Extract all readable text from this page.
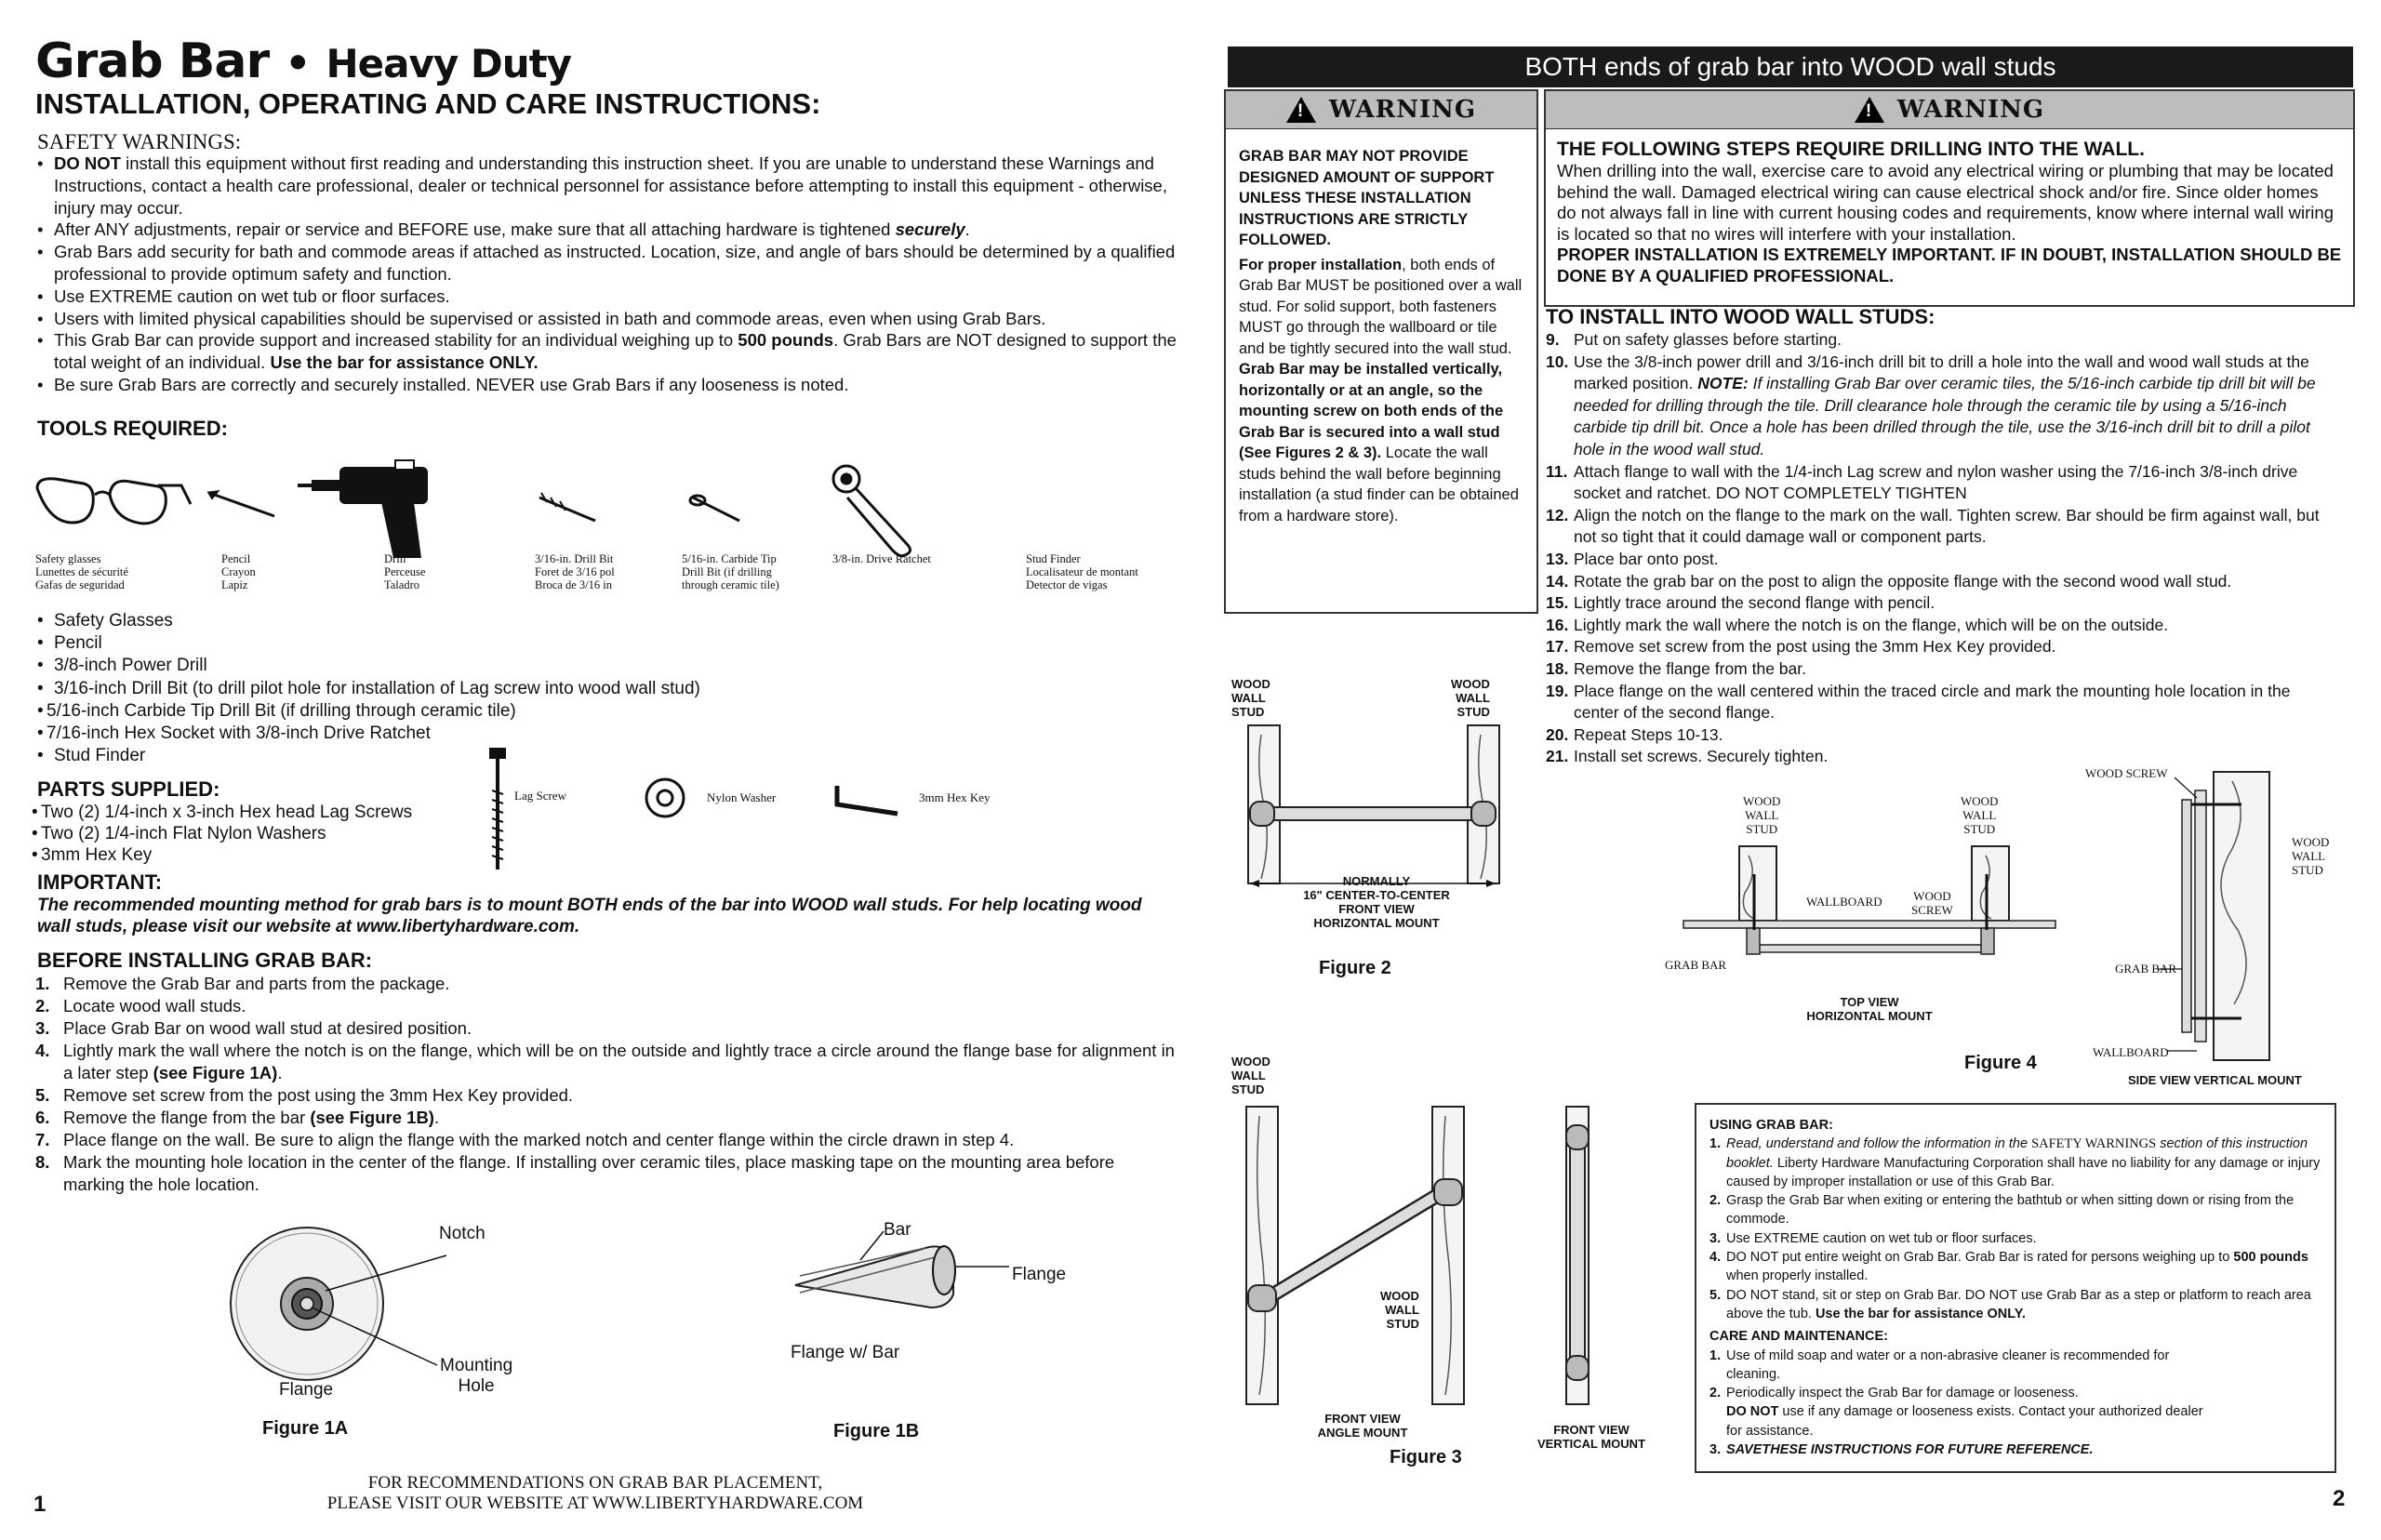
Grab Bar • Heavy Duty
INSTALLATION, OPERATING AND CARE INSTRUCTIONS:
SAFETY WARNINGS:
• DO NOT install this equipment without first reading and understanding this instruction sheet. If you are unable to understand these Warnings and Instructions, contact a health care professional, dealer or technical personnel for assistance before attempting to install this equipment - otherwise, injury may occur.
• After ANY adjustments, repair or service and BEFORE use, make sure that all attaching hardware is tightened securely.
• Grab Bars add security for bath and commode areas if attached as instructed. Location, size, and angle of bars should be determined by a qualified professional to provide optimum safety and function.
• Use EXTREME caution on wet tub or floor surfaces.
• Users with limited physical capabilities should be supervised or assisted in bath and commode areas, even when using Grab Bars.
• This Grab Bar can provide support and increased stability for an individual weighing up to 500 pounds. Grab Bars are NOT designed to support the total weight of an individual. Use the bar for assistance ONLY.
• Be sure Grab Bars are correctly and securely installed. NEVER use Grab Bars if any looseness is noted.
TOOLS REQUIRED:
Safety glasses
Lunettes de sécurité
Gafas de seguridad
Pencil
Crayon
Lapiz
Drill
Perceuse
Taladro
3/16-in. Drill Bit
Foret de 3/16 pol
Broca de 3/16 in
5/16-in. Carbide Tip
Drill Bit (if drilling
through ceramic tile)
3/8-in. Drive Ratchet	Stud Finder
Localisateur de montant
Detector de vigas
• Safety Glasses
• Pencil
• 3/8-inch Power Drill
• 3/16-inch Drill Bit (to drill pilot hole for installation of Lag screw into wood wall stud)
• 5/16-inch Carbide Tip Drill Bit (if drilling through ceramic tile)
• 7/16-inch Hex Socket with 3/8-inch Drive Ratchet
• Stud Finder
PARTS SUPPLIED:
• Two (2) 1/4-inch x 3-inch Hex head Lag Screws
• Two (2) 1/4-inch Flat Nylon Washers
• 3mm Hex Key
Lag Screw	Nylon Washer	3mm Hex Key
IMPORTANT:
The recommended mounting method for grab bars is to mount BOTH ends of the bar into WOOD wall studs. For help locating wood wall studs, please visit our website at www.libertyhardware.com.
BEFORE INSTALLING GRAB BAR:
1. Remove the Grab Bar and parts from the package.
2. Locate wood wall studs.
3. Place Grab Bar on wood wall stud at desired position.
4. Lightly mark the wall where the notch is on the flange, which will be on the outside and lightly trace a circle around the flange base for alignment in a later step (see Figure 1A).
5. Remove set screw from the post using the 3mm Hex Key provided.
6. Remove the flange from the bar (see Figure 1B).
7. Place flange on the wall. Be sure to align the flange with the marked notch and center flange within the circle drawn in step 4.
8. Mark the mounting hole location in the center of the flange. If installing over ceramic tiles, place masking tape on the mounting area before marking the hole location.
Notch
Mounting
Hole
Flange
Figure 1A
Bar
Flange
Flange w/ Bar
Figure 1B
1
FOR RECOMMENDATIONS ON GRAB BAR PLACEMENT,
PLEASE VISIT OUR WEBSITE AT WWW.LIBERTYHARDWARE.COM
BOTH ends of grab bar into WOOD wall studs
! WARNING
GRAB BAR MAY NOT PROVIDE DESIGNED AMOUNT OF SUPPORT UNLESS THESE INSTALLATION INSTRUCTIONS ARE STRICTLY FOLLOWED.
For proper installation, both ends of Grab Bar MUST be positioned over a wall stud. For solid support, both fasteners MUST go through the wallboard or tile and be tightly secured into the wall stud.
Grab Bar may be installed vertically, horizontally or at an angle, so the mounting screw on both ends of the Grab Bar is secured into a wall stud (See Figures 2 & 3). Locate the wall studs behind the wall before beginning installation (a stud finder can be obtained from a hardware store).
! WARNING
THE FOLLOWING STEPS REQUIRE DRILLING INTO THE WALL.
When drilling into the wall, exercise care to avoid any electrical wiring or plumbing that may be located behind the wall. Damaged electrical wiring can cause electrical shock and/or fire. Since older homes do not always fall in line with current housing codes and requirements, know where internal wall wiring is located so that no wires will interfere with your installation.
PROPER INSTALLATION IS EXTREMELY IMPORTANT. IF IN DOUBT, INSTALLATION SHOULD BE DONE BY A QUALIFIED PROFESSIONAL.
TO INSTALL INTO WOOD WALL STUDS:
9. Put on safety glasses before starting.
10. Use the 3/8-inch power drill and 3/16-inch drill bit to drill a hole into the wall and wood wall studs at the marked position. NOTE: If installing Grab Bar over ceramic tiles, the 5/16-inch carbide tip drill bit will be needed for drilling through the tile. Drill clearance hole through the ceramic tile by using a 5/16-inch carbide tip drill bit. Once a hole has been drilled through the tile, use the 3/16-inch drill bit to drill a pilot hole in the wood wall stud.
11. Attach flange to wall with the 1/4-inch Lag screw and nylon washer using the 7/16-inch 3/8-inch drive socket and ratchet. DO NOT COMPLETELY TIGHTEN
12. Align the notch on the flange to the mark on the wall. Tighten screw. Bar should be firm against wall, but not so tight that it could damage wall or component parts.
13. Place bar onto post.
14. Rotate the grab bar on the post to align the opposite flange with the second wood wall stud.
15. Lightly trace around the second flange with pencil.
16. Lightly mark the wall where the notch is on the flange, which will be on the outside.
17. Remove set screw from the post using the 3mm Hex Key provided.
18. Remove the flange from the bar.
19. Place flange on the wall centered within the traced circle and mark the mounting hole location in the center of the second flange.
20. Repeat Steps 10-13.
21. Install set screws. Securely tighten.
WOOD
WALL
STUD
WOOD
WALL
STUD
NORMALLY
16" CENTER-TO-CENTER
FRONT VIEW
HORIZONTAL MOUNT
Figure 2
WOOD
WALL
STUD
WOOD
WALL
STUD
FRONT VIEW
ANGLE MOUNT	FRONT VIEW
VERTICAL MOUNT
Figure 3
WOOD SCREW
WOOD
WALL
STUD
WOOD
WALL
STUD
WOOD
WALL
STUD
WALLBOARD	WOOD
SCREW
GRAB BAR	GRAB BAR
TOP VIEW
HORIZONTAL MOUNT
WALLBOARD
SIDE VIEW VERTICAL MOUNT
Figure 4
USING GRAB BAR:
1. Read, understand and follow the information in the SAFETY WARNINGS section of this instruction booklet. Liberty Hardware Manufacturing Corporation shall have no liability for any damage or injury caused by improper installation or use of this Grab Bar.
2. Grasp the Grab Bar when exiting or entering the bathtub or when sitting down or rising from the commode.
3. Use EXTREME caution on wet tub or floor surfaces.
4. DO NOT put entire weight on Grab Bar. Grab Bar is rated for persons weighing up to 500 pounds when properly installed.
5. DO NOT stand, sit or step on Grab Bar. DO NOT use Grab Bar as a step or platform to reach area above the tub. Use the bar for assistance ONLY.
CARE AND MAINTENANCE:
1. Use of mild soap and water or a non-abrasive cleaner is recommended for cleaning.
2. Periodically inspect the Grab Bar for damage or looseness.
DO NOT use if any damage or looseness exists. Contact your authorized dealer for assistance.
3. SAVETHESE INSTRUCTIONS FOR FUTURE REFERENCE.
2
